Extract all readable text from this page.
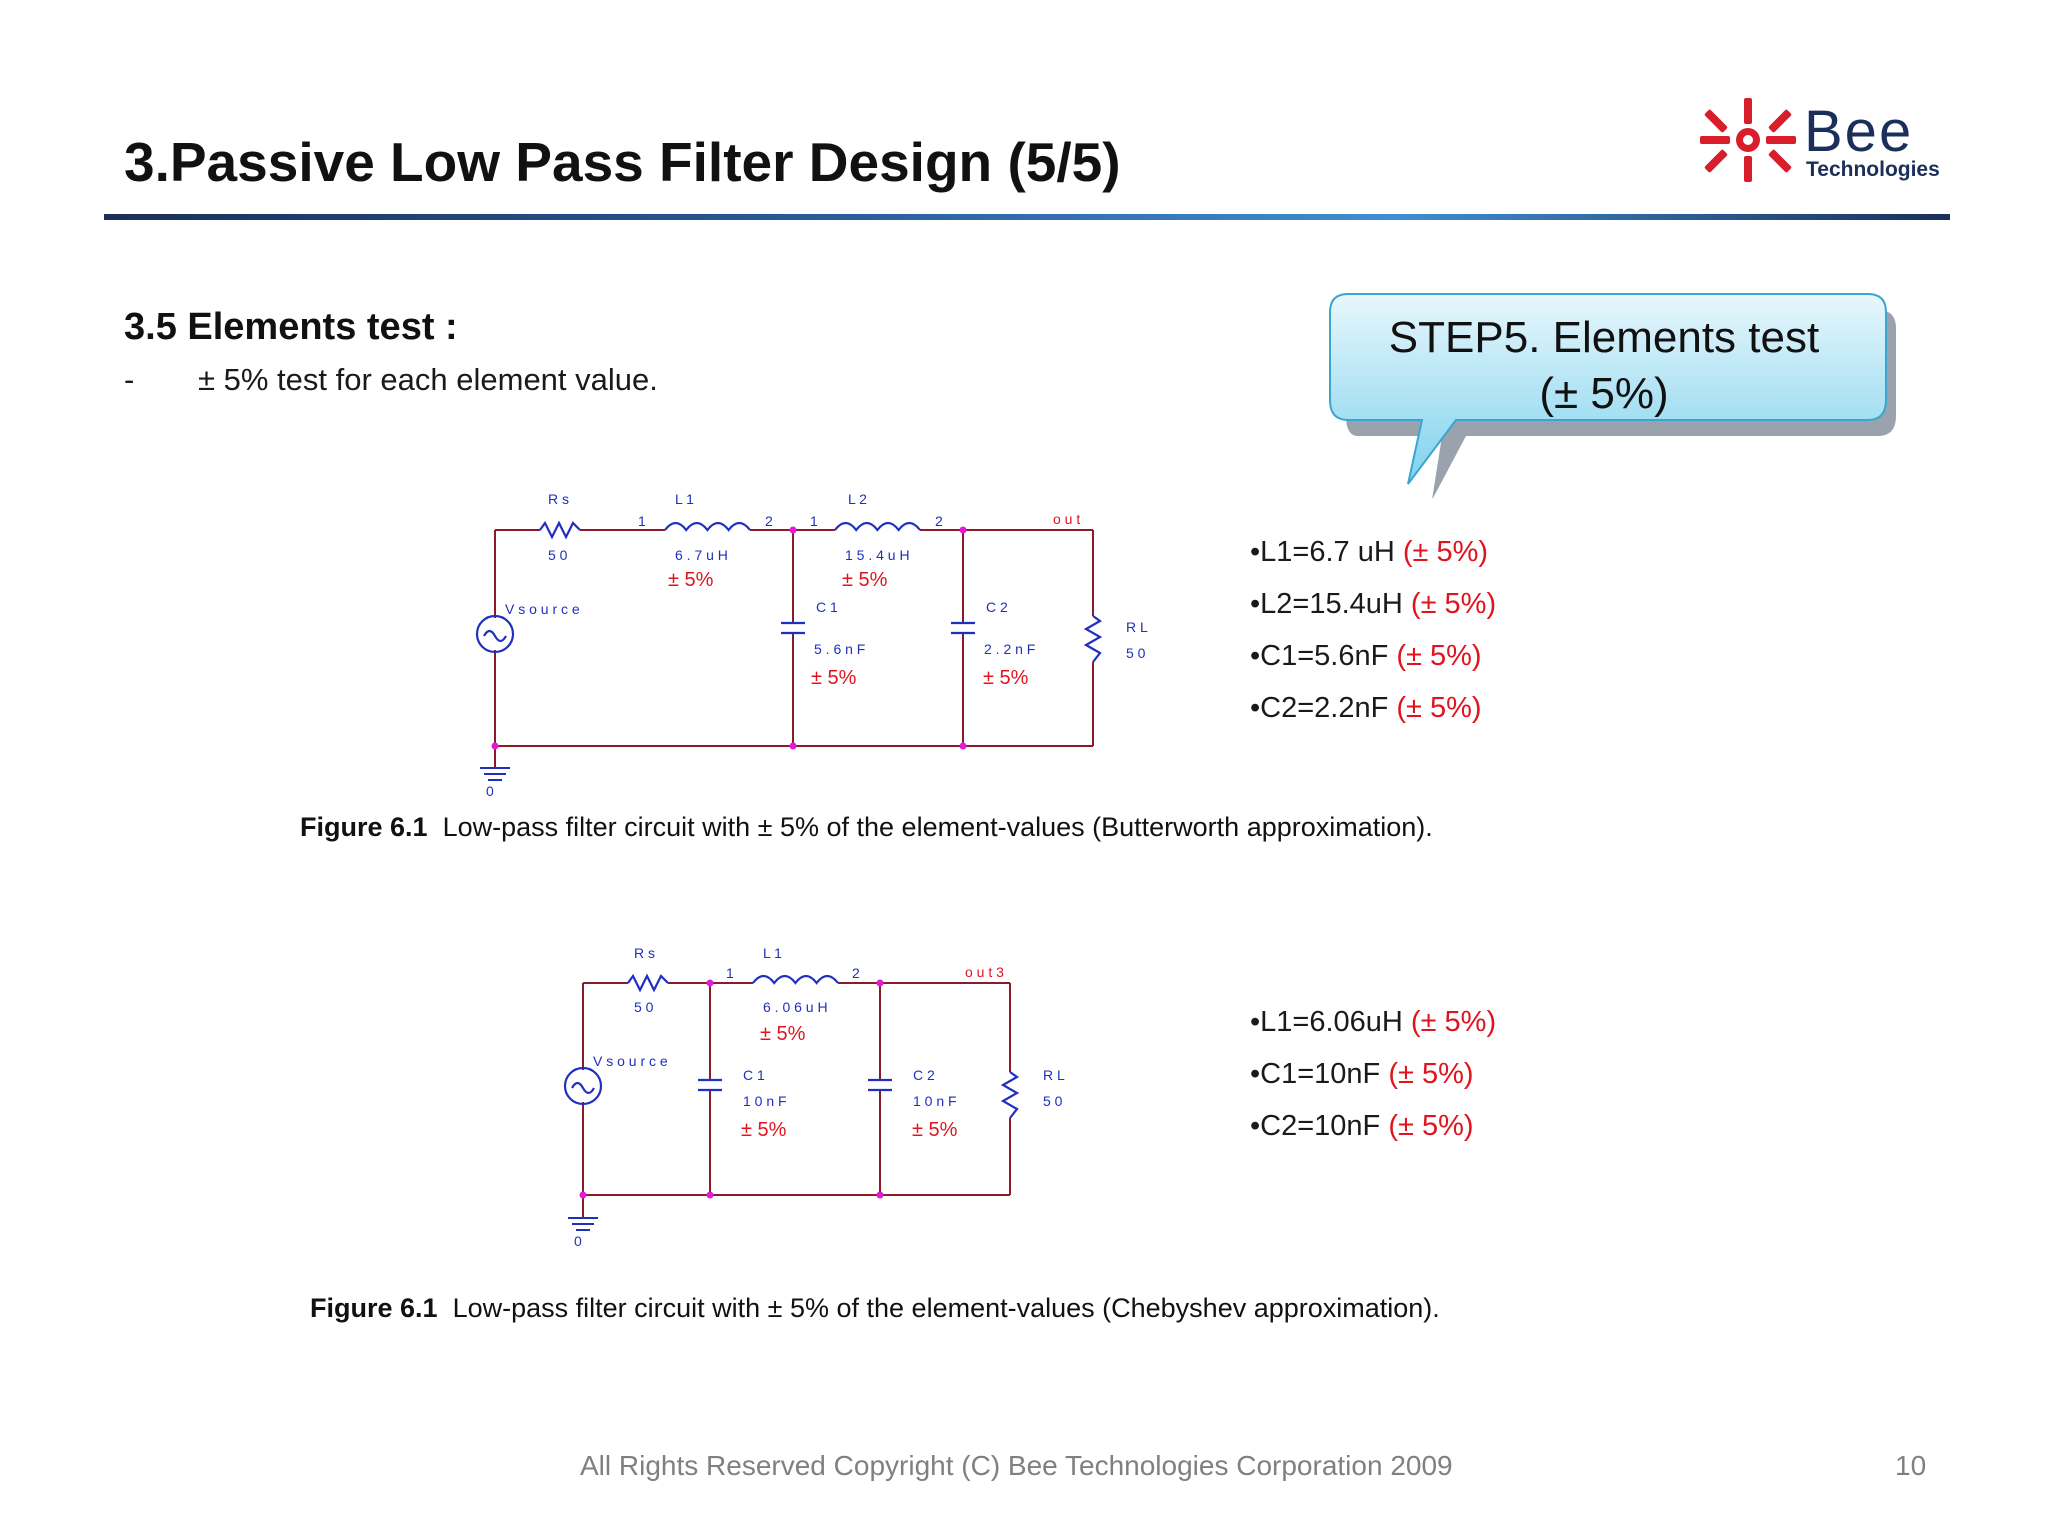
3.Passive Low Pass Filter Design (5/5)	Bee
Technologies
3.5 Elements test :
- ± 5% test for each element value.
STEP5. Elements test
(± 5%)
R s
5 0
L 1
6 . 7 u H
L 2
1 5 . 4 u H
C 1
5 . 6 n F
C 2
2 . 2 n F
R L
5 0
V s o u r c e
1	2	1	2
0
o u t
± 5%	± 5%
± 5%	± 5%
•L1=6.7 uH (± 5%)
•L2=15.4uH (± 5%)
•C1=5.6nF (± 5%)
•C2=2.2nF (± 5%)
Figure 6.1 Low-pass filter circuit with ± 5% of the element-values (Butterworth approximation).
R s
5 0
L 1
6 . 0 6 u H
C 1
1 0 n F
C 2
1 0 n F
R L
5 0
V s o u r c e
1	2
0
o u t 3
± 5%
± 5%	± 5%
•L1=6.06uH (± 5%)
•C1=10nF (± 5%)
•C2=10nF (± 5%)
Figure 6.1 Low-pass filter circuit with ± 5% of the element-values (Chebyshev approximation).
All Rights Reserved Copyright (C) Bee Technologies Corporation 2009	10
